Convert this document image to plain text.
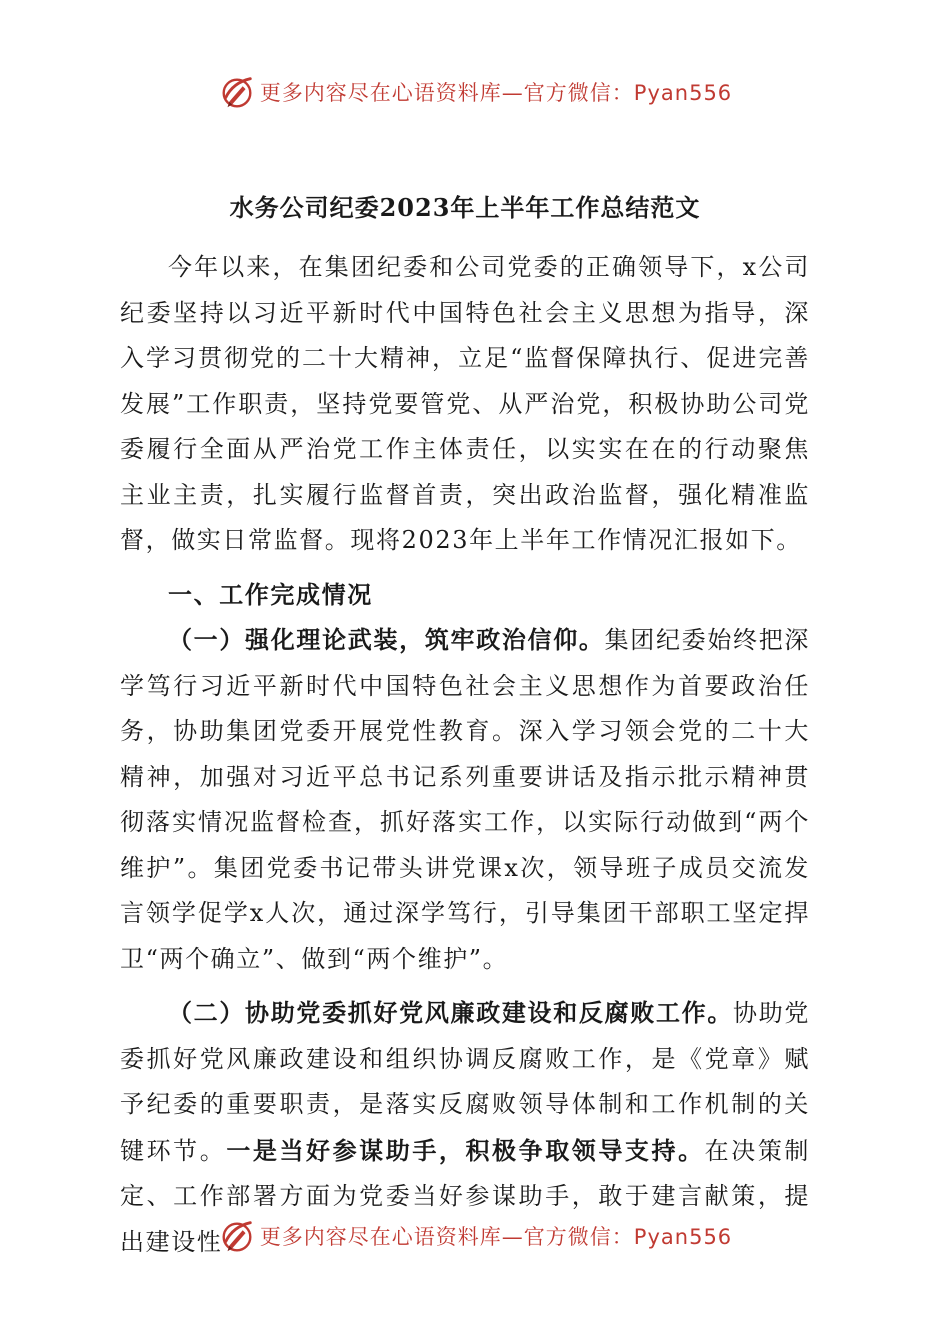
更多内容尽在心语资料库—官方微信：Pyan556
水务公司纪委2023年上半年工作总结范文

今年以来，在集团纪委和公司党委的正确领导下，x公司纪委坚持以习近平新时代中国特色社会主义思想为指导，深入学习贯彻党的二十大精神，立足“监督保障执行、促进完善发展”工作职责，坚持党要管党、从严治党，积极协助公司党委履行全面从严治党工作主体责任，以实实在在的行动聚焦主业主责，扎实履行监督首责，突出政治监督，强化精准监督，做实日常监督。现将2023年上半年工作情况汇报如下。

一、工作完成情况

（一）强化理论武装，筑牢政治信仰。集团纪委始终把深学笃行习近平新时代中国特色社会主义思想作为首要政治任务，协助集团党委开展党性教育。深入学习领会党的二十大精神，加强对习近平总书记系列重要讲话及指示批示精神贯彻落实情况监督检查，抓好落实工作，以实际行动做到“两个维护”。集团党委书记带头讲党课x次，领导班子成员交流发言领学促学x人次，通过深学笃行，引导集团干部职工坚定捍卫“两个确立”、做到“两个维护”。

（二）协助党委抓好党风廉政建设和反腐败工作。协助党委抓好党风廉政建设和组织协调反腐败工作，是《党章》赋予纪委的重要职责，是落实反腐败领导体制和工作机制的关键环节。一是当好参谋助手，积极争取领导支持。在决策制定、工作部署方面为党委当好参谋助手，敢于建言献策，提出建设性	更多内容尽在心语资料库—官方微信：Pyan556
